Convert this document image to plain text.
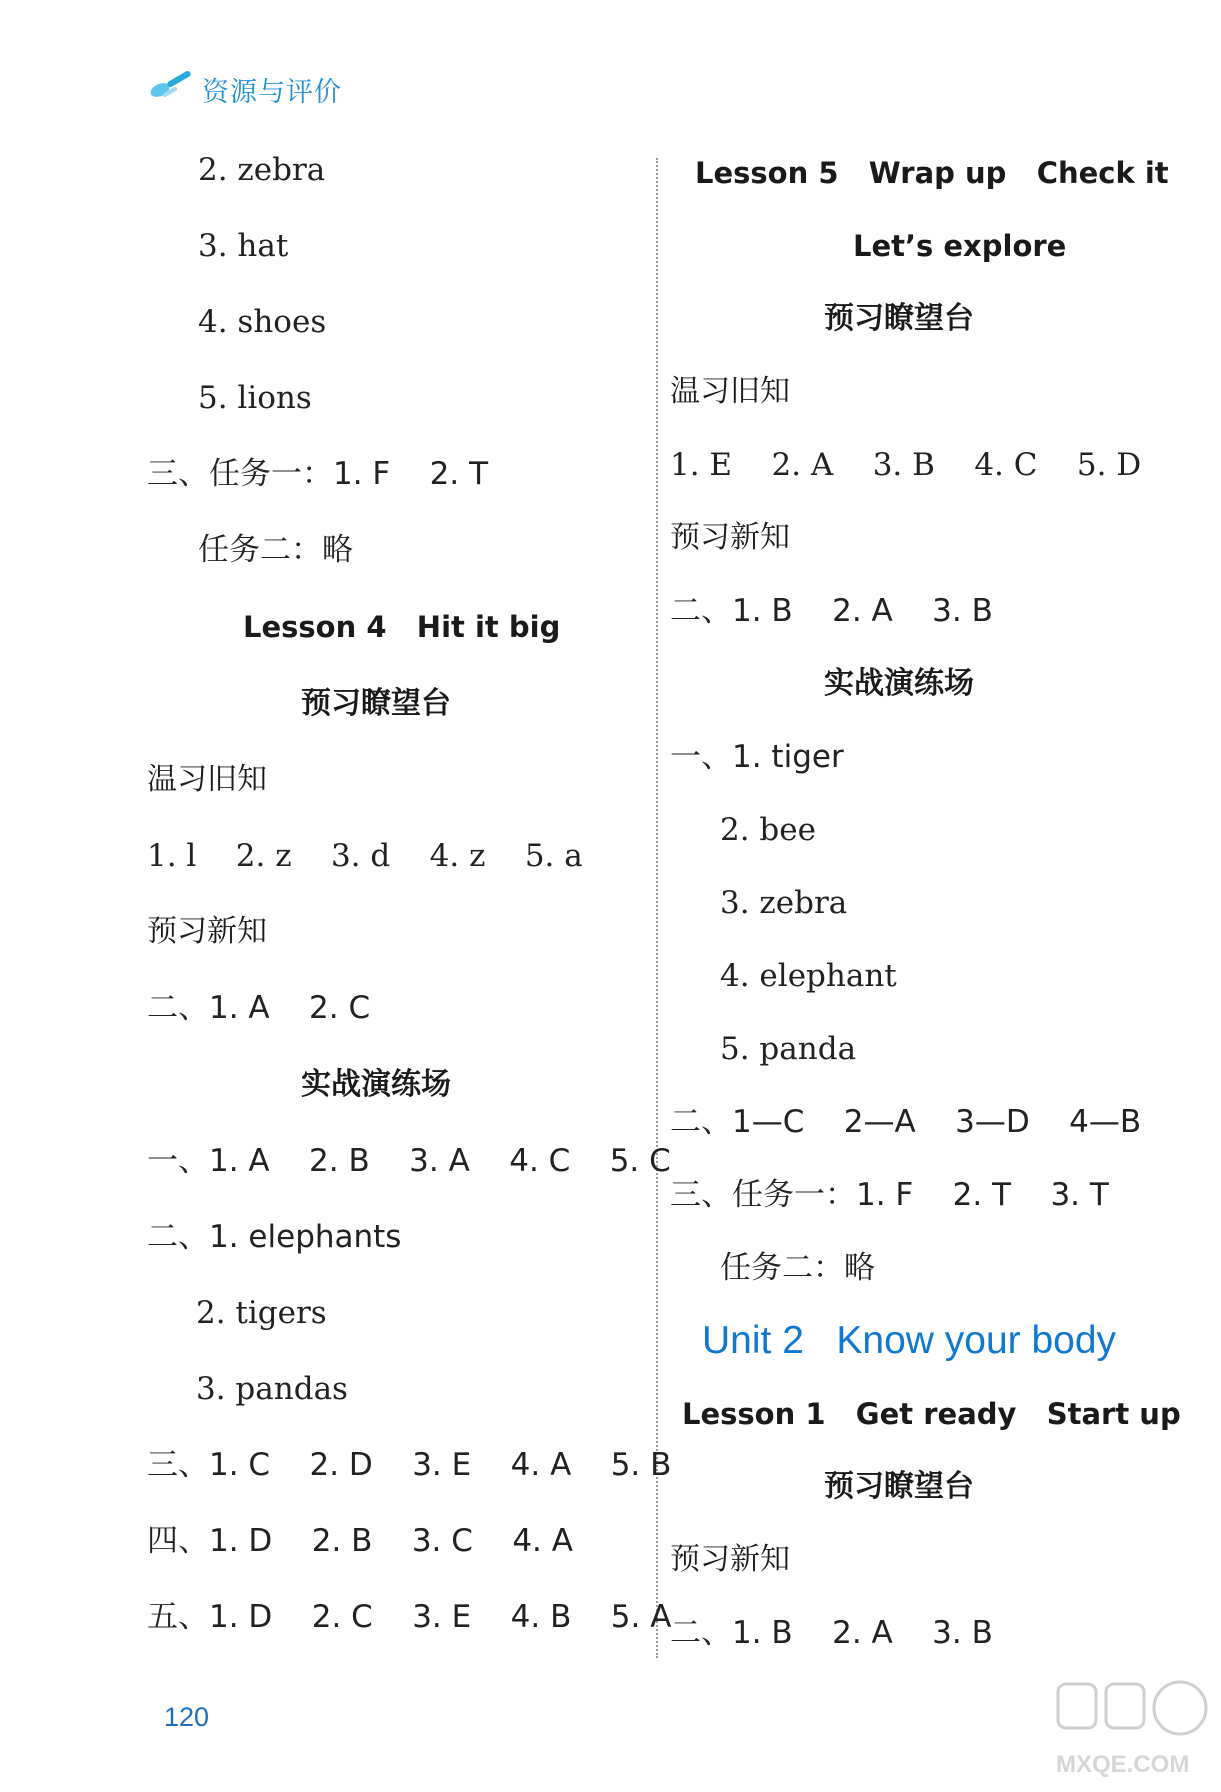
资源与评价
2. zebra
3. hat
4. shoes
5. lions
三、任务一：1. F    2. T
任务二：略
Lesson 4   Hit it big
预习瞭望台
温习旧知
1. l    2. z    3. d    4. z    5. a
预习新知
二、1. A    2. C
实战演练场
一、1. A    2. B    3. A    4. C    5. C
二、1. elephants
2. tigers
3. pandas
三、1. C    2. D    3. E    4. A    5. B
四、1. D    2. B    3. C    4. A
五、1. D    2. C    3. E    4. B    5. A
Lesson 5   Wrap up   Check it
Let’s explore
预习瞭望台
温习旧知
1. E    2. A    3. B    4. C    5. D
预习新知
二、1. B    2. A    3. B
实战演练场
一、1. tiger
2. bee
3. zebra
4. elephant
5. panda
二、1—C    2—A    3—D    4—B
三、任务一：1. F    2. T    3. T
任务二：略
Unit 2   Know your body
Lesson 1   Get ready   Start up
预习瞭望台
预习新知
二、1. B    2. A    3. B
120
MXQE.COM
